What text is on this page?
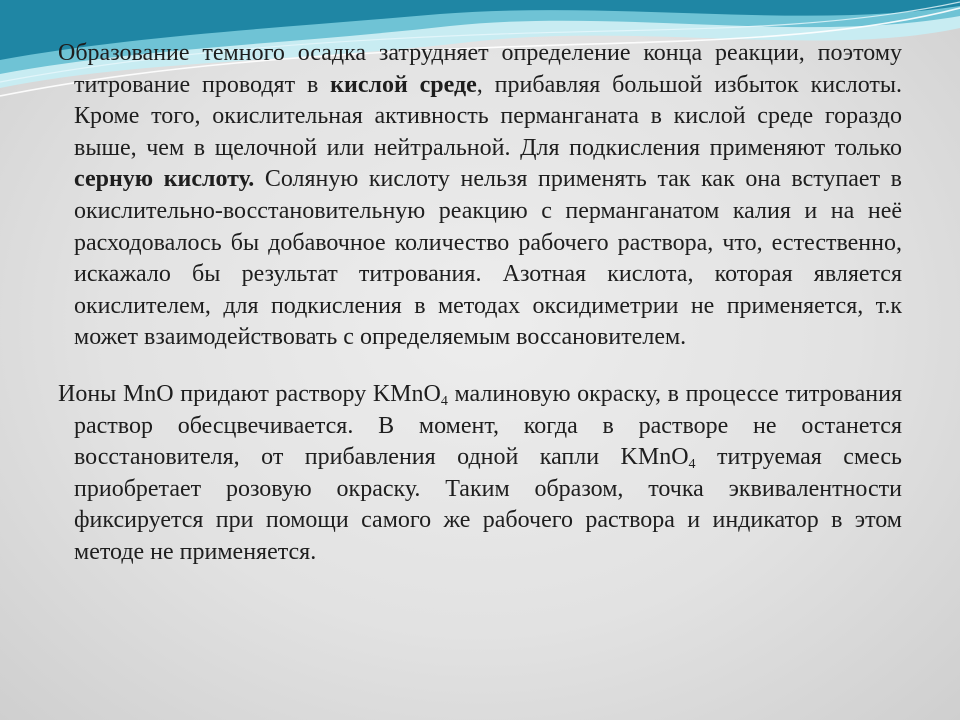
Образование темного осадка затрудняет определение конца реакции, поэтому титрование проводят в кислой среде, прибавляя большой избыток кислоты. Кроме того, окислительная активность перманганата в кислой среде гораздо выше, чем в щелочной или нейтральной. Для подкисления применяют только серную кислоту. Соляную кислоту нельзя применять так как она вступает в окислительно-восстановительную реакцию с перманганатом калия и на неё расходовалось бы добавочное количество рабочего раствора, что, естественно, искажало бы результат титрования. Азотная кислота, которая является окислителем, для подкисления в методах оксидиметрии не применяется, т.к может взаимодействовать с определяемым воссановителем.

Ионы MnO придают раствору KMnO$_4$ малиновую окраску, в процессе титрования раствор обесцвечивается. В момент, когда в растворе не останется восстановителя, от прибавления одной капли KMnO$_4$ титруемая смесь приобретает розовую окраску. Таким образом, точка эквивалентности фиксируется при помощи самого же рабочего раствора и индикатор в этом методе не применяется.
